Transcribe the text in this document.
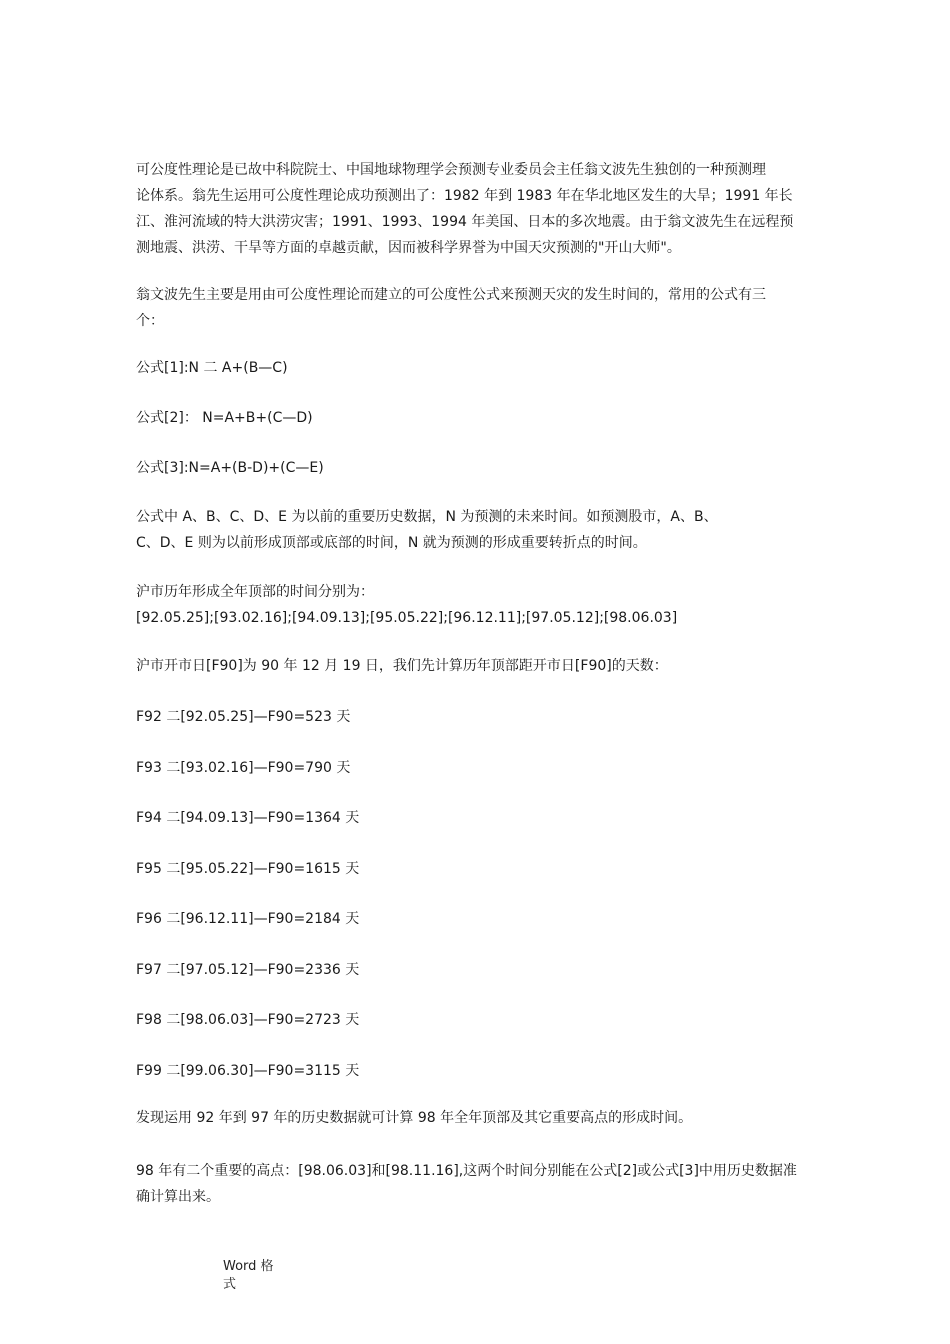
可公度性理论是已故中科院院士、中国地球物理学会预测专业委员会主任翁文波先生独创的一种预测理
论体系。翁先生运用可公度性理论成功预测出了：1982 年到 1983 年在华北地区发生的大旱；1991 年长
江、淮河流域的特大洪涝灾害；1991、1993、1994 年美国、日本的多次地震。由于翁文波先生在远程预
测地震、洪涝、干旱等方面的卓越贡献，因而被科学界誉为中国天灾预测的"开山大师"。

翁文波先生主要是用由可公度性理论而建立的可公度性公式来预测天灾的发生时间的，常用的公式有三
个：

公式[1]:N 二 A+(B—C)

公式[2]： N=A+B+(C—D)

公式[3]:N=A+(B-D)+(C—E)

公式中 A、B、C、D、E 为以前的重要历史数据，N 为预测的未来时间。如预测股市，A、B、
C、D、E 则为以前形成顶部或底部的时间，N 就为预测的形成重要转折点的时间。

沪市历年形成全年顶部的时间分别为：
[92.05.25];[93.02.16];[94.09.13];[95.05.22];[96.12.11];[97.05.12];[98.06.03]

沪市开市日[F90]为 90 年 12 月 19 日，我们先计算历年顶部距开市日[F90]的天数：

F92 二[92.05.25]—F90=523 天

F93 二[93.02.16]—F90=790 天

F94 二[94.09.13]—F90=1364 天

F95 二[95.05.22]—F90=1615 天

F96 二[96.12.11]—F90=2184 天

F97 二[97.05.12]—F90=2336 天

F98 二[98.06.03]—F90=2723 天

F99 二[99.06.30]—F90=3115 天

发现运用 92 年到 97 年的历史数据就可计算 98 年全年顶部及其它重要高点的形成时间。

98 年有二个重要的高点：[98.06.03]和[98.11.16],这两个时间分别能在公式[2]或公式[3]中用历史数据准
确计算出来。

Word 格
式
